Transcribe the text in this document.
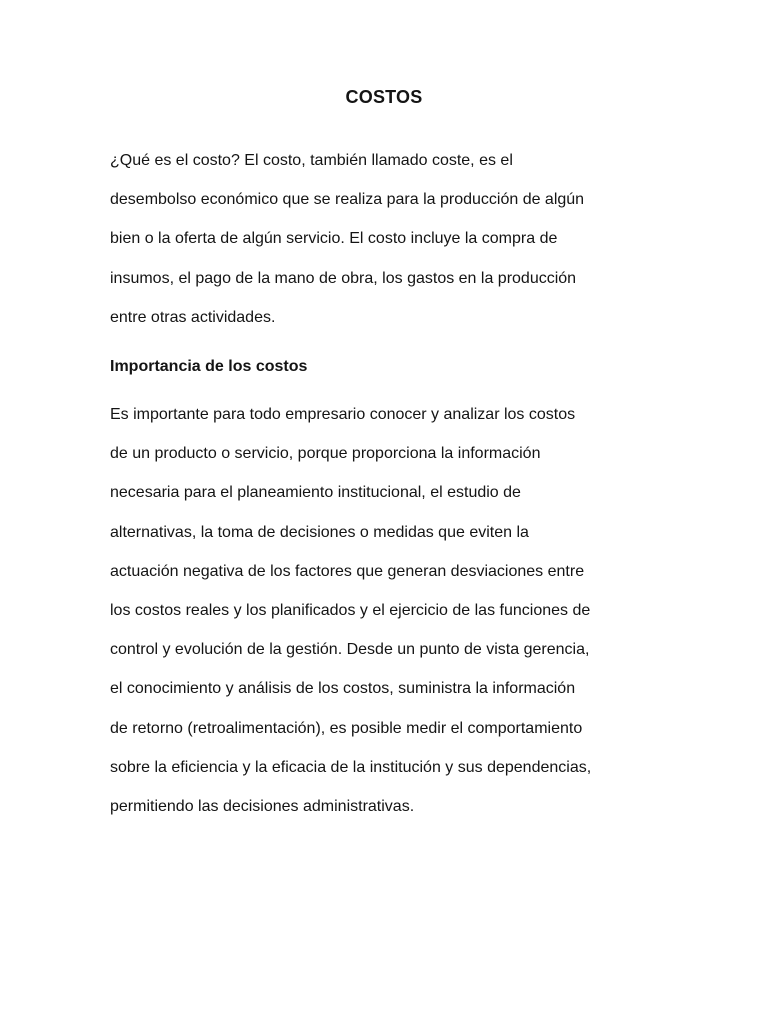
COSTOS
¿Qué es el costo? El costo, también llamado coste, es el
desembolso económico que se realiza para la producción de algún
bien o la oferta de algún servicio. El costo incluye la compra de
insumos, el pago de la mano de obra, los gastos en la producción
entre otras actividades.
Importancia de los costos
Es importante para todo empresario conocer y analizar los costos
de un producto o servicio, porque proporciona la información
necesaria para el planeamiento institucional, el estudio de
alternativas, la toma de decisiones o medidas que eviten la
actuación negativa de los factores que generan desviaciones entre
los costos reales y los planificados y el ejercicio de las funciones de
control y evolución de la gestión. Desde un punto de vista gerencia,
el conocimiento y análisis de los costos, suministra la información
de retorno (retroalimentación), es posible medir el comportamiento
sobre la eficiencia y la eficacia de la institución y sus dependencias,
permitiendo las decisiones administrativas.
